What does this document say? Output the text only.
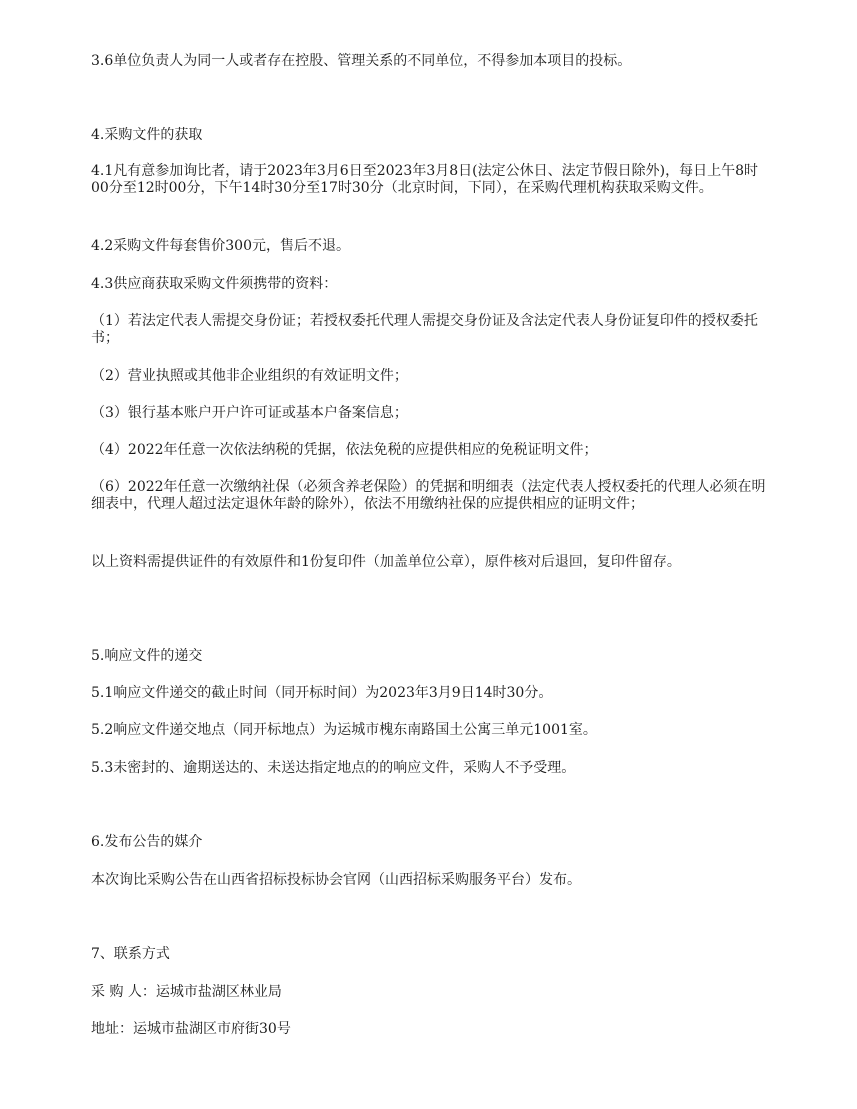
3.6单位负责人为同一人或者存在控股、管理关系的不同单位，不得参加本项目的投标。

4.采购文件的获取

4.1凡有意参加询比者，请于2023年3月6日至2023年3月8日(法定公休日、法定节假日除外)，每日上午8时00分至12时00分，下午14时30分至17时30分（北京时间，下同），在采购代理机构获取采购文件。

4.2采购文件每套售价300元，售后不退。

4.3供应商获取采购文件须携带的资料：

（1）若法定代表人需提交身份证；若授权委托代理人需提交身份证及含法定代表人身份证复印件的授权委托书；

（2）营业执照或其他非企业组织的有效证明文件；

（3）银行基本账户开户许可证或基本户备案信息；

（4）2022年任意一次依法纳税的凭据，依法免税的应提供相应的免税证明文件；

（6）2022年任意一次缴纳社保（必须含养老保险）的凭据和明细表（法定代表人授权委托的代理人必须在明细表中，代理人超过法定退休年龄的除外），依法不用缴纳社保的应提供相应的证明文件；

以上资料需提供证件的有效原件和1份复印件（加盖单位公章），原件核对后退回，复印件留存。

5.响应文件的递交

5.1响应文件递交的截止时间（同开标时间）为2023年3月9日14时30分。

5.2响应文件递交地点（同开标地点）为运城市槐东南路国土公寓三单元1001室。

5.3未密封的、逾期送达的、未送达指定地点的的响应文件，采购人不予受理。

6.发布公告的媒介

本次询比采购公告在山西省招标投标协会官网（山西招标采购服务平台）发布。

7、联系方式

采 购 人：运城市盐湖区林业局

地址：运城市盐湖区市府街30号
